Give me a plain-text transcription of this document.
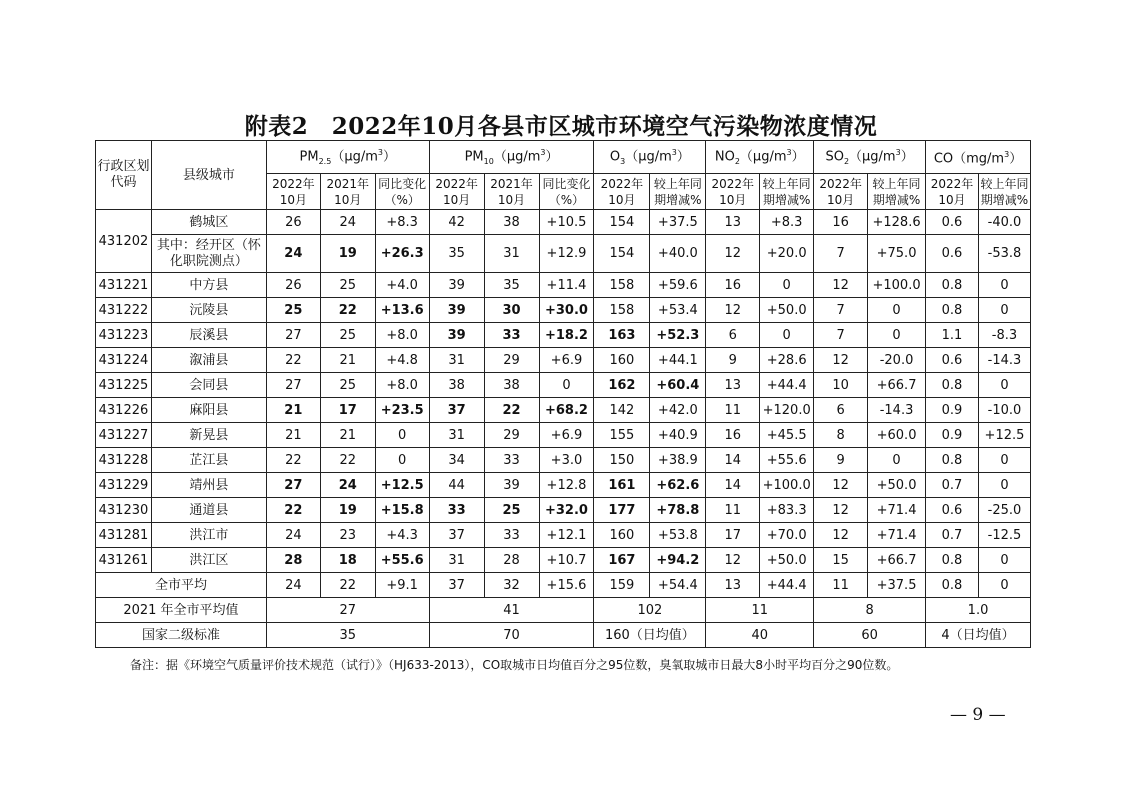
附表2　2022年10月各县市区城市环境空气污染物浓度情况
行政区划代码	县级城市	$PM_{2.5}(\mu g/m^3)$			$PM_{10}(\mu g/m^3)$			$O_3(\mu g/m^3)$		$NO_2(\mu g/m^3)$		$SO_2(\mu g/m^3)$		$CO(mg/m^3)$	
		2022年10月	2021年10月	同比变化（%）	2022年10月	2021年10月	同比变化（%）	2022年10月	较上年同期增减%	2022年10月	较上年同期增减%	2022年10月	较上年同期增减%	2022年10月	较上年同期增减%
431202	鹤城区	26	24	+8.3	42	38	+10.5	154	+37.5	13	+8.3	16	+128.6	0.6	-40.0
	其中：经开区（怀化职院测点）	24	19	+26.3	35	31	+12.9	154	+40.0	12	+20.0	7	+75.0	0.6	-53.8
431221	中方县	26	25	+4.0	39	35	+11.4	158	+59.6	16	0	12	+100.0	0.8	0
431222	沅陵县	25	22	+13.6	39	30	+30.0	158	+53.4	12	+50.0	7	0	0.8	0
431223	辰溪县	27	25	+8.0	39	33	+18.2	163	+52.3	6	0	7	0	1.1	-8.3
431224	溆浦县	22	21	+4.8	31	29	+6.9	160	+44.1	9	+28.6	12	-20.0	0.6	-14.3
431225	会同县	27	25	+8.0	38	38	0	162	+60.4	13	+44.4	10	+66.7	0.8	0
431226	麻阳县	21	17	+23.5	37	22	+68.2	142	+42.0	11	+120.0	6	-14.3	0.9	-10.0
431227	新晃县	21	21	0	31	29	+6.9	155	+40.9	16	+45.5	8	+60.0	0.9	+12.5
431228	芷江县	22	22	0	34	33	+3.0	150	+38.9	14	+55.6	9	0	0.8	0
431229	靖州县	27	24	+12.5	44	39	+12.8	161	+62.6	14	+100.0	12	+50.0	0.7	0
431230	通道县	22	19	+15.8	33	25	+32.0	177	+78.8	11	+83.3	12	+71.4	0.6	-25.0
431281	洪江市	24	23	+4.3	37	33	+12.1	160	+53.8	17	+70.0	12	+71.4	0.7	-12.5
431261	洪江区	28	18	+55.6	31	28	+10.7	167	+94.2	12	+50.0	15	+66.7	0.8	0
全市平均		24	22	+9.1	37	32	+15.6	159	+54.4	13	+44.4	11	+37.5	0.8	0
2021 年全市平均值		27			41			102		11		8		1.0	
国家二级标准		35			70			160（日均值）		40		60		4（日均值）	
备注：据《环境空气质量评价技术规范（试行）》（HJ633-2013），CO取城市日均值百分之95位数，臭氧取城市日最大8小时平均百分之90位数。
— 9 —
